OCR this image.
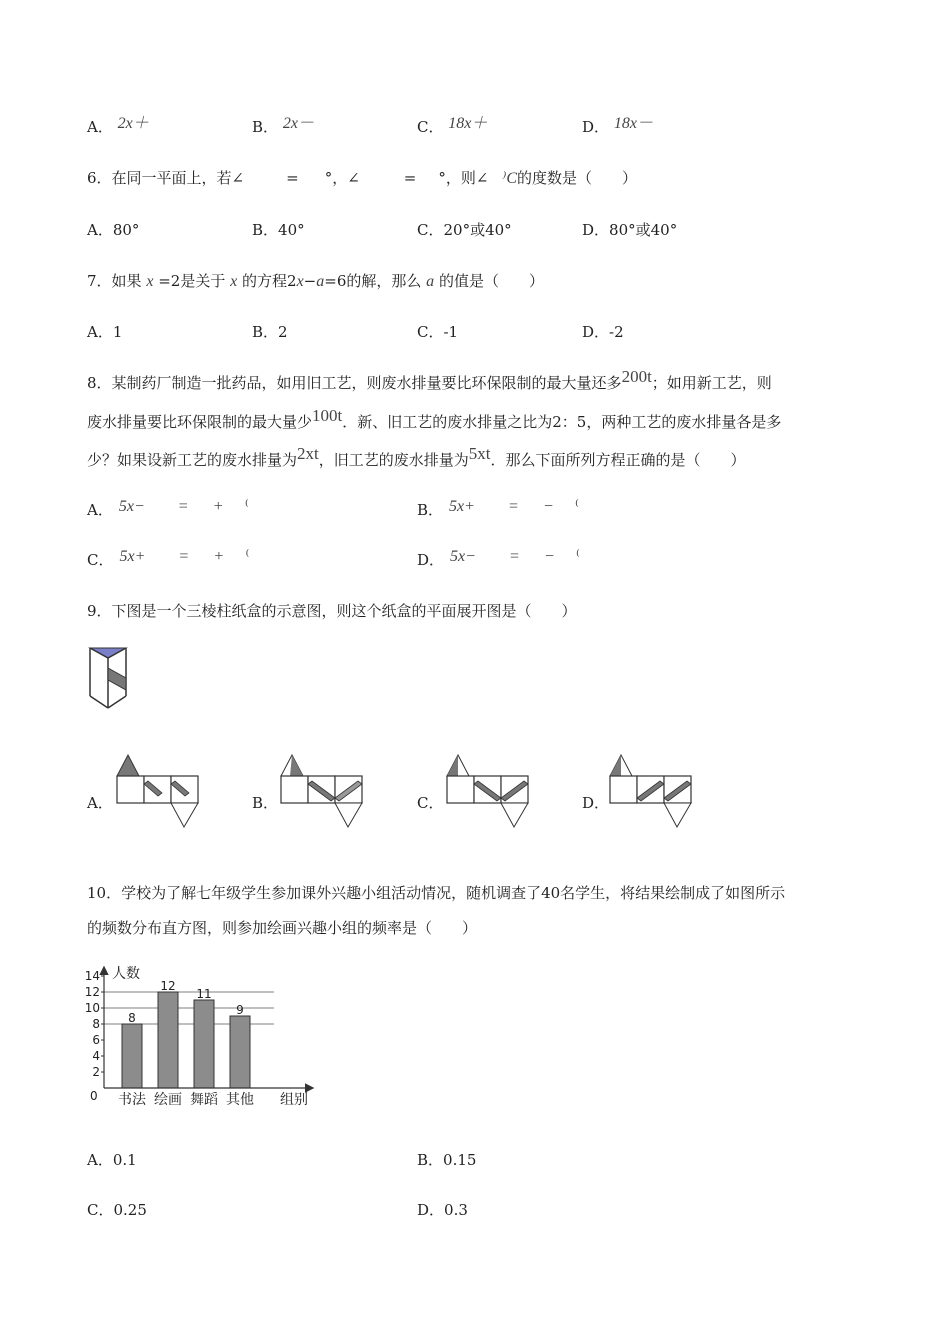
A． 2x＋	B． 2x－	C． 18x＋	D． 18x－
6．在同一平面上，若∠	= °，∠	= °，则∠ ⁾C的度数是（　　）
A．80°	B．40°	C．20°或40°	D．80°或40°
7．如果 x =2是关于 x 的方程2x−a=6的解，那么 a 的值是（　　）
A．1	B．2	C．-1	D．-2
8．某制药厂制造一批药品，如用旧工艺，则废水排量要比环保限制的最大量还多200t；如用新工艺，则
废水排量要比环保限制的最大量少100t．新、旧工艺的废水排量之比为2：5，两种工艺的废水排量各是多
少？如果设新工艺的废水排量为2xt，旧工艺的废水排量为5xt．那么下面所列方程正确的是（　　）
A． 5x− = + ⁽	B． 5x+ = − ⁽
C． 5x+ = + ⁽	D． 5x− = − ⁽
9．下图是一个三棱柱纸盒的示意图，则这个纸盒的平面展开图是（　　）
A．	B．	C．	D．
10．学校为了解七年级学生参加课外兴趣小组活动情况，随机调查了40名学生，将结果绘制成了如图所示
的频数分布直方图，则参加绘画兴趣小组的频率是（　　）
2
4
6
8
10
12
14
8
12
11
9
书法 绘画 舞蹈 其他
人数
组别
0
A．0.1	B．0.15
C．0.25	D．0.3
